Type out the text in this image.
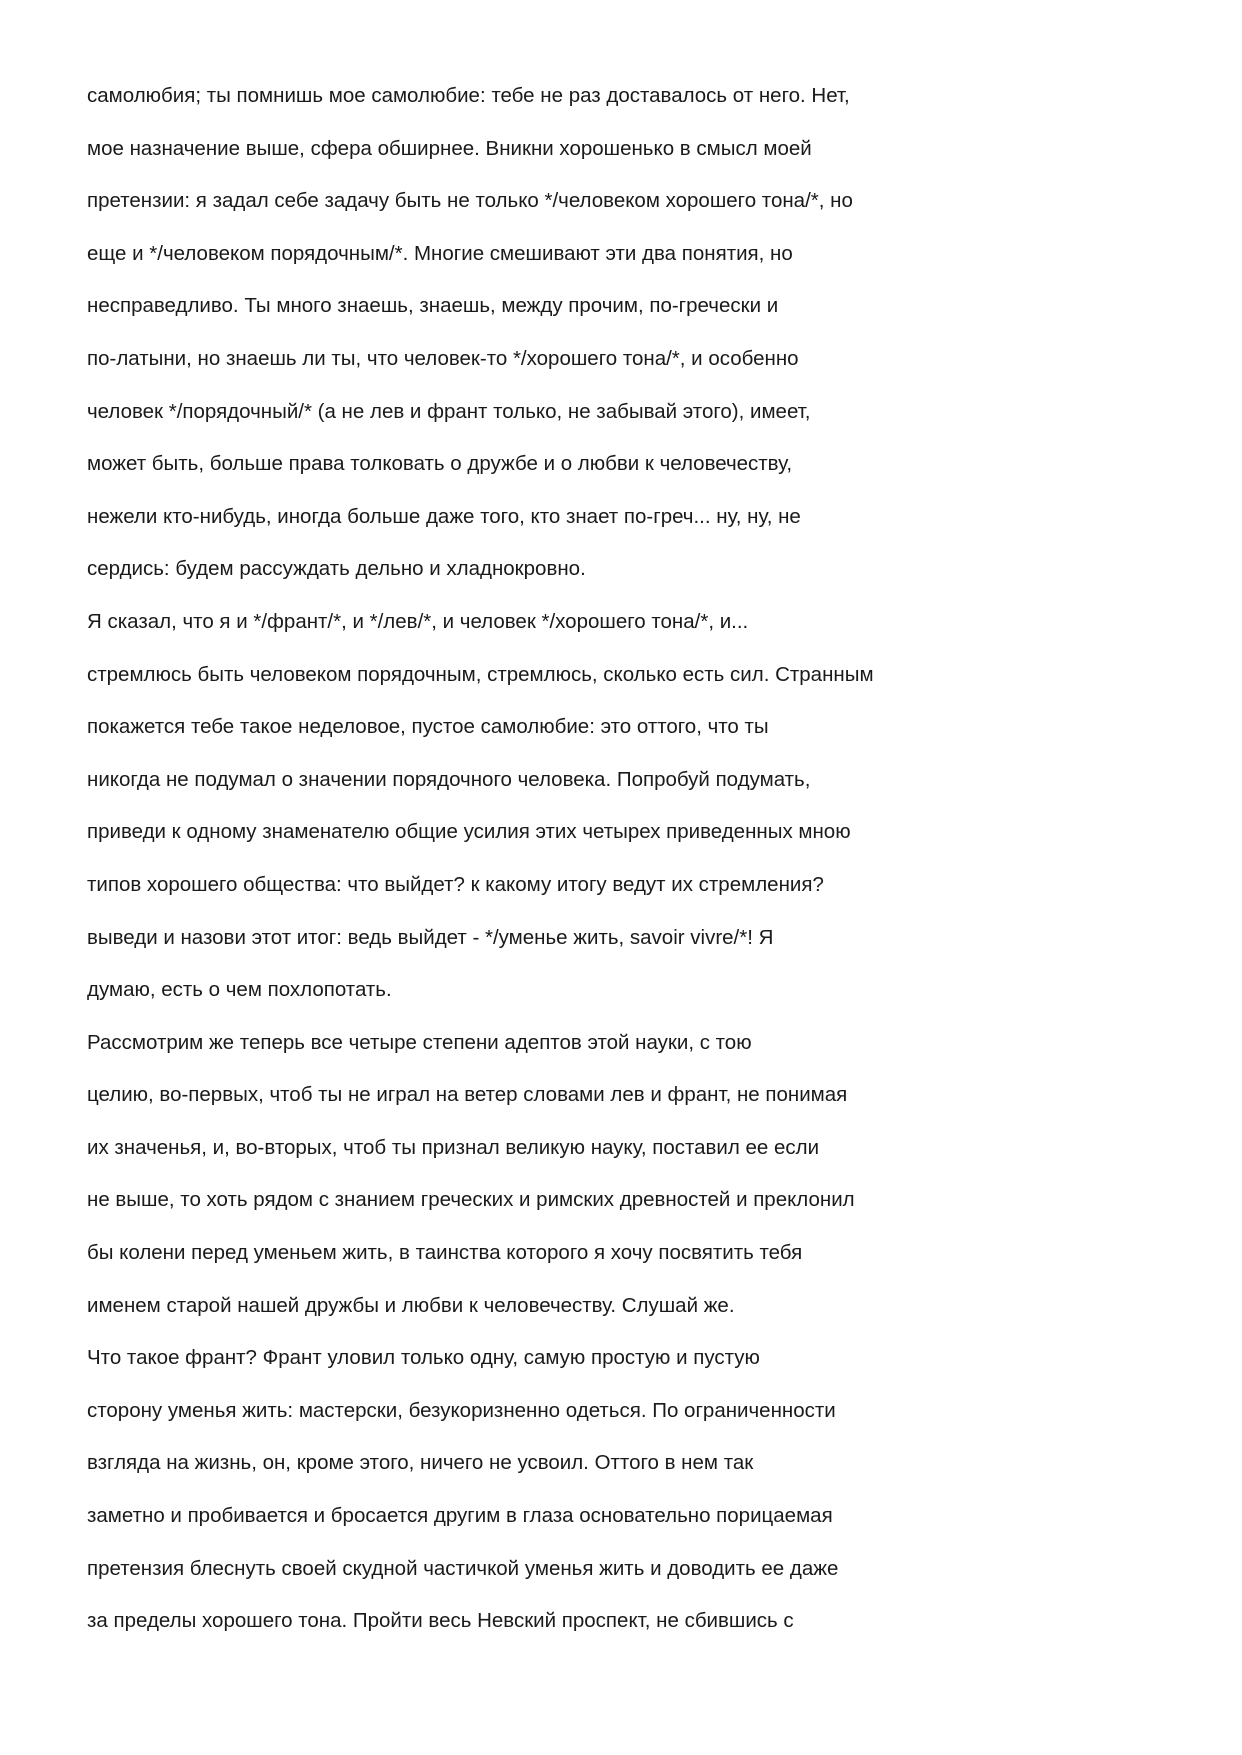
самолюбия; ты помнишь мое самолюбие: тебе не раз доставалось от него. Нет,
мое назначение выше, сфера обширнее. Вникни хорошенько в смысл моей
претензии: я задал себе задачу быть не только */человеком хорошего тона/*, но
еще и */человеком порядочным/*. Многие смешивают эти два понятия, но
несправедливо. Ты много знаешь, знаешь, между прочим, по-гречески и
по-латыни, но знаешь ли ты, что человек-то */хорошего тона/*, и особенно
человек */порядочный/* (а не лев и франт только, не забывай этого), имеет,
может быть, больше права толковать о дружбе и о любви к человечеству,
нежели кто-нибудь, иногда больше даже того, кто знает по-греч... ну, ну, не
сердись: будем рассуждать дельно и хладнокровно.
Я сказал, что я и */франт/*, и */лев/*, и человек */хорошего тона/*, и...
стремлюсь быть человеком порядочным, стремлюсь, сколько есть сил. Странным
покажется тебе такое неделовое, пустое самолюбие: это оттого, что ты
никогда не подумал о значении порядочного человека. Попробуй подумать,
приведи к одному знаменателю общие усилия этих четырех приведенных мною
типов хорошего общества: что выйдет? к какому итогу ведут их стремления?
выведи и назови этот итог: ведь выйдет - */уменье жить, savoir vivre/*! Я
думаю, есть о чем похлопотать.
Рассмотрим же теперь все четыре степени адептов этой науки, с тою
целию, во-первых, чтоб ты не играл на ветер словами лев и франт, не понимая
их значенья, и, во-вторых, чтоб ты признал великую науку, поставил ее если
не выше, то хоть рядом с знанием греческих и римских древностей и преклонил
бы колени перед уменьем жить, в таинства которого я хочу посвятить тебя
именем старой нашей дружбы и любви к человечеству. Слушай же.
Что такое франт? Франт уловил только одну, самую простую и пустую
сторону уменья жить: мастерски, безукоризненно одеться. По ограниченности
взгляда на жизнь, он, кроме этого, ничего не усвоил. Оттого в нем так
заметно и пробивается и бросается другим в глаза основательно порицаемая
претензия блеснуть своей скудной частичкой уменья жить и доводить ее даже
за пределы хорошего тона. Пройти весь Невский проспект, не сбившись с
